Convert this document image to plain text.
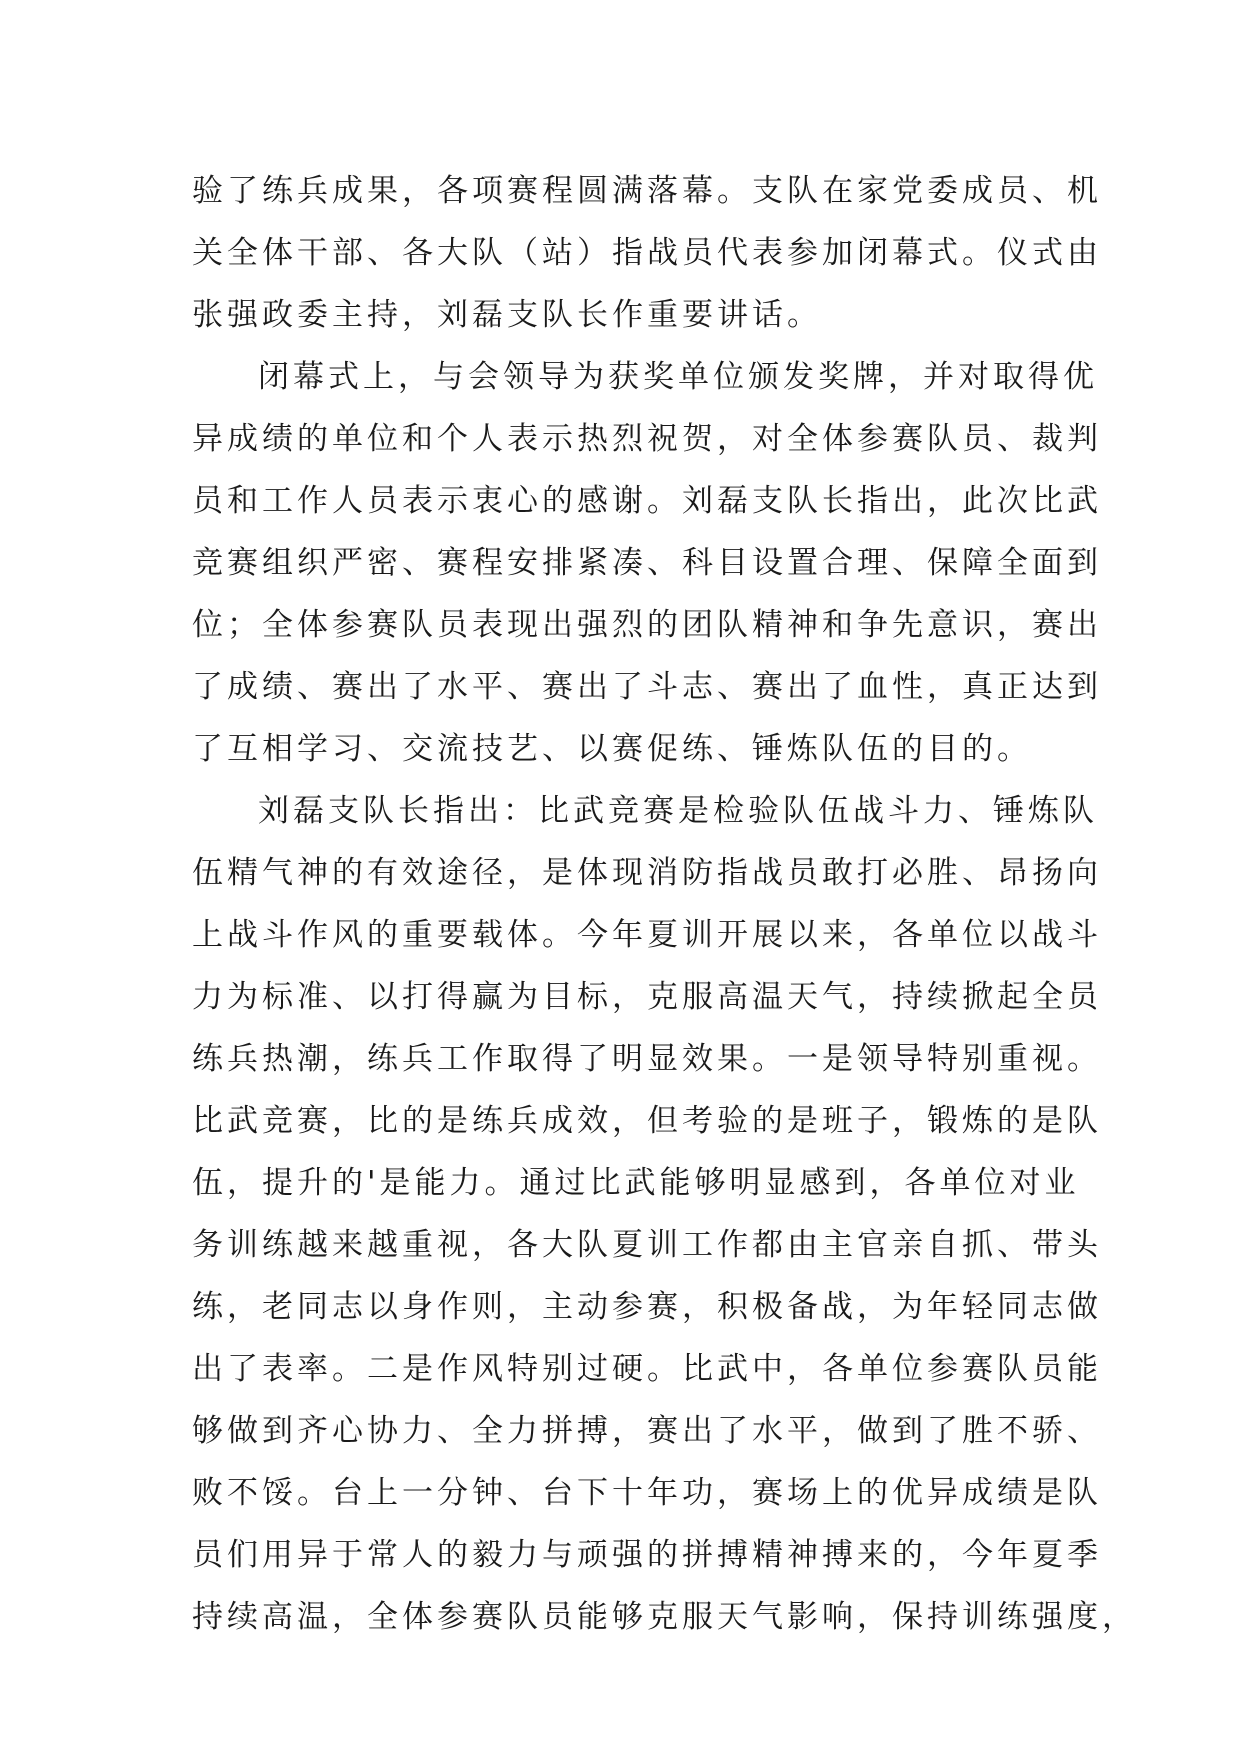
验了练兵成果，各项赛程圆满落幕。支队在家党委成员、机
关全体干部、各大队（站）指战员代表参加闭幕式。仪式由
张强政委主持，刘磊支队长作重要讲话。
闭幕式上，与会领导为获奖单位颁发奖牌，并对取得优
异成绩的单位和个人表示热烈祝贺，对全体参赛队员、裁判
员和工作人员表示衷心的感谢。刘磊支队长指出，此次比武
竞赛组织严密、赛程安排紧凑、科目设置合理、保障全面到
位；全体参赛队员表现出强烈的团队精神和争先意识，赛出
了成绩、赛出了水平、赛出了斗志、赛出了血性，真正达到
了互相学习、交流技艺、以赛促练、锤炼队伍的目的。
刘磊支队长指出：比武竞赛是检验队伍战斗力、锤炼队
伍精气神的有效途径，是体现消防指战员敢打必胜、昂扬向
上战斗作风的重要载体。今年夏训开展以来，各单位以战斗
力为标准、以打得赢为目标，克服高温天气，持续掀起全员
练兵热潮，练兵工作取得了明显效果。一是领导特别重视。
比武竞赛，比的是练兵成效，但考验的是班子，锻炼的是队
伍，提升的'是能力。通过比武能够明显感到，各单位对业
务训练越来越重视，各大队夏训工作都由主官亲自抓、带头
练，老同志以身作则，主动参赛，积极备战，为年轻同志做
出了表率。二是作风特别过硬。比武中，各单位参赛队员能
够做到齐心协力、全力拼搏，赛出了水平，做到了胜不骄、
败不馁。台上一分钟、台下十年功，赛场上的优异成绩是队
员们用异于常人的毅力与顽强的拼搏精神搏来的，今年夏季
持续高温，全体参赛队员能够克服天气影响，保持训练强度，
